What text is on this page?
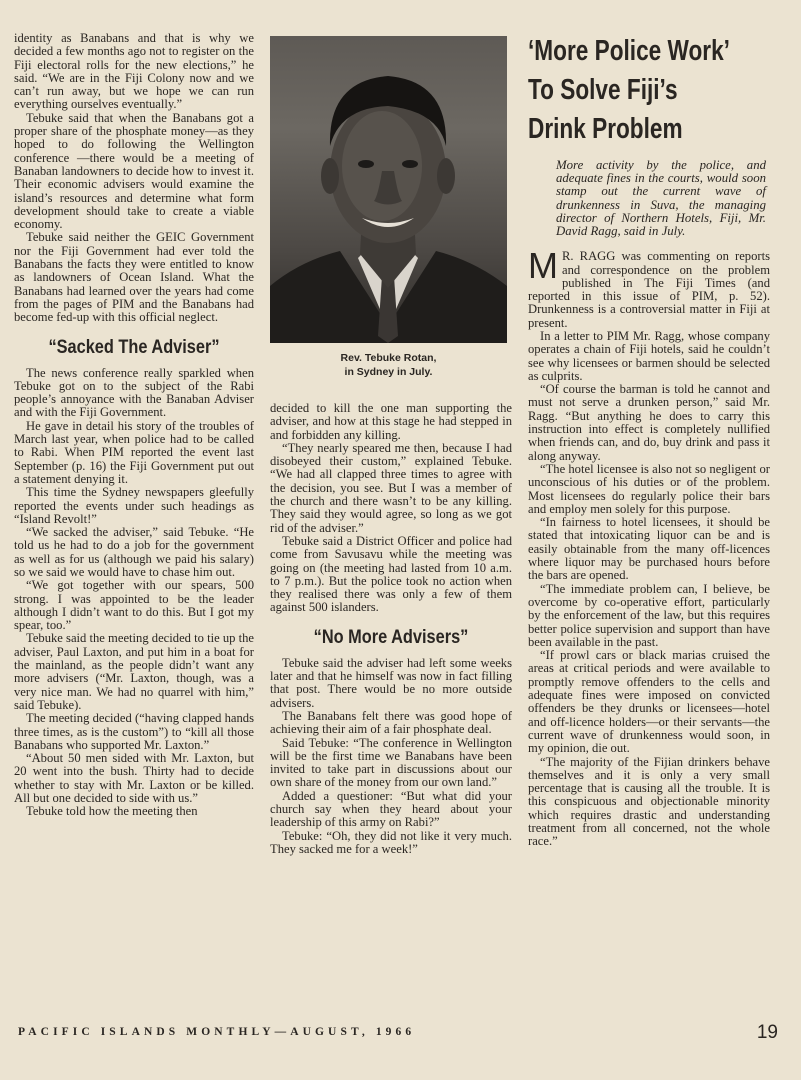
identity as Banabans and that is why we decided a few months ago not to register on the Fiji electoral rolls for the new elections,” he said. “We are in the Fiji Colony now and we can’t run away, but we hope we can run everything ourselves eventually.”

Tebuke said that when the Banabans got a proper share of the phosphate money—as they hoped to do following the Wellington conference —there would be a meeting of Banaban landowners to decide how to invest it. Their economic advisers would examine the island’s resources and determine what form development should take to create a viable economy.

Tebuke said neither the GEIC Government nor the Fiji Government had ever told the Banabans the facts they were entitled to know as landowners of Ocean Island. What the Banabans had learned over the years had come from the pages of PIM and the Banabans had become fed-up with this official neglect.

“Sacked The Adviser”

The news conference really sparkled when Tebuke got on to the subject of the Rabi people’s annoyance with the Banaban Adviser and with the Fiji Government.

He gave in detail his story of the troubles of March last year, when police had to be called to Rabi. When PIM reported the event last September (p. 16) the Fiji Government put out a statement denying it.

This time the Sydney newspapers gleefully reported the events under such headings as “Island Revolt!”

“We sacked the adviser,” said Tebuke. “He told us he had to do a job for the government as well as for us (although we paid his salary) so we said we would have to chase him out.

“We got together with our spears, 500 strong. I was appointed to be the leader although I didn’t want to do this. But I got my spear, too.”

Tebuke said the meeting decided to tie up the adviser, Paul Laxton, and put him in a boat for the mainland, as the people didn’t want any more advisers (“Mr. Laxton, though, was a very nice man. We had no quarrel with him,” said Tebuke).

The meeting decided (“having clapped hands three times, as is the custom”) to “kill all those Banabans who supported Mr. Laxton.”

“About 50 men sided with Mr. Laxton, but 20 went into the bush. Thirty had to decide whether to stay with Mr. Laxton or be killed. All but one decided to side with us.”

Tebuke told how the meeting then

Rev. Tebuke Rotan,
in Sydney in July.

decided to kill the one man supporting the adviser, and how at this stage he had stepped in and forbidden any killing.

“They nearly speared me then, because I had disobeyed their custom,” explained Tebuke. “We had all clapped three times to agree with the decision, you see. But I was a member of the church and there wasn’t to be any killing. They said they would agree, so long as we got rid of the adviser.”

Tebuke said a District Officer and police had come from Savusavu while the meeting was going on (the meeting had lasted from 10 a.m. to 7 p.m.). But the police took no action when they realised there was only a few of them against 500 islanders.

“No More Advisers”

Tebuke said the adviser had left some weeks later and that he himself was now in fact filling that post. There would be no more outside advisers.

The Banabans felt there was good hope of achieving their aim of a fair phosphate deal.

Said Tebuke: “The conference in Wellington will be the first time we Banabans have been invited to take part in discussions about our own share of the money from our own land.”

Added a questioner: “But what did your church say when they heard about your leadership of this army on Rabi?”

Tebuke: “Oh, they did not like it very much. They sacked me for a week!”

‘More Police Work’
To Solve Fiji’s
Drink Problem
More activity by the police, and adequate fines in the courts, would soon stamp out the current wave of drunkenness in Suva, the managing director of Northern Hotels, Fiji, Mr. David Ragg, said in July.

M R. RAGG was commenting on reports and correspondence on the problem published in The Fiji Times (and reported in this issue of PIM, p. 52). Drunkenness is a controversial matter in Fiji at present.

In a letter to PIM Mr. Ragg, whose company operates a chain of Fiji hotels, said he couldn’t see why licensees or barmen should be selected as culprits.

“Of course the barman is told he cannot and must not serve a drunken person,” said Mr. Ragg. “But anything he does to carry this instruction into effect is completely nullified when friends can, and do, buy drink and pass it along anyway.

“The hotel licensee is also not so negligent or unconscious of his duties or of the problem. Most licensees do regularly police their bars and employ men solely for this purpose.

“In fairness to hotel licensees, it should be stated that intoxicating liquor can be and is easily obtainable from the many off-licences where liquor may be purchased hours before the bars are opened.

“The immediate problem can, I believe, be overcome by co-operative effort, particularly by the enforcement of the law, but this requires better police supervision and support than have been available in the past.

“If prowl cars or black marias cruised the areas at critical periods and were available to promptly remove offenders to the cells and adequate fines were imposed on convicted offenders be they drunks or licensees—hotel and off-licence holders—or their servants—the current wave of drunkenness would soon, in my opinion, die out.

“The majority of the Fijian drinkers behave themselves and it is only a very small percentage that is causing all the trouble. It is this conspicuous and objectionable minority which requires drastic and understanding treatment from all concerned, not the whole race.”

PACIFIC ISLANDS MONTHLY—AUGUST, 1966	19
